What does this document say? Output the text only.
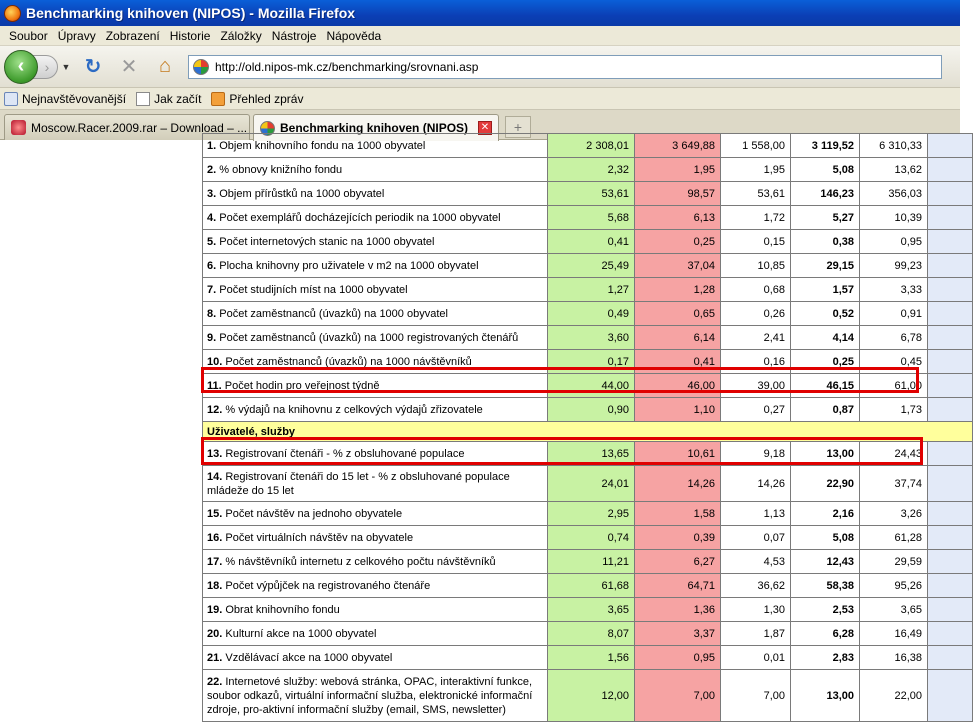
Benchmarking knihoven (NIPOS) - Mozilla Firefox
Soubor Úpravy Zobrazení Historie Záložky Nástroje Nápověda
‹ › ▼ ↻ ✕ ⌂	http://old.nipos-mk.cz/benchmarking/srovnani.asp
Nejnavštěvovanější Jak začít Přehled zpráv
Moscow.Racer.2009.rar – Download – ...	Benchmarking knihoven (NIPOS)	✕	+
1. Objem knihovního fondu na 1000 obyvatel	2 308,01	3 649,88	1 558,00	3 119,52	6 310,33	
2. % obnovy knižního fondu	2,32	1,95	1,95	5,08	13,62	
3. Objem přírůstků na 1000 obyvatel	53,61	98,57	53,61	146,23	356,03	
4. Počet exemplářů docházejících periodik na 1000 obyvatel	5,68	6,13	1,72	5,27	10,39	
5. Počet internetových stanic na 1000 obyvatel	0,41	0,25	0,15	0,38	0,95	
6. Plocha knihovny pro uživatele v m2 na 1000 obyvatel	25,49	37,04	10,85	29,15	99,23	
7. Počet studijních míst na 1000 obyvatel	1,27	1,28	0,68	1,57	3,33	
8. Počet zaměstnanců (úvazků) na 1000 obyvatel	0,49	0,65	0,26	0,52	0,91	
9. Počet zaměstnanců (úvazků) na 1000 registrovaných čtenářů	3,60	6,14	2,41	4,14	6,78	
10. Počet zaměstnanců (úvazků) na 1000 návštěvníků	0,17	0,41	0,16	0,25	0,45	
11. Počet hodin pro veřejnost týdně	44,00	46,00	39,00	46,15	61,00	
12. % výdajů na knihovnu z celkových výdajů zřizovatele	0,90	1,10	0,27	0,87	1,73	
Uživatelé, služby						
13. Registrovaní čtenáři - % z obsluhované populace	13,65	10,61	9,18	13,00	24,43	
14. Registrovaní čtenáři do 15 let - % z obsluhované populace mládeže do 15 let	24,01	14,26	14,26	22,90	37,74	
15. Počet návštěv na jednoho obyvatele	2,95	1,58	1,13	2,16	3,26	
16. Počet virtuálních návštěv na obyvatele	0,74	0,39	0,07	5,08	61,28	
17. % návštěvníků internetu z celkového počtu návštěvníků	11,21	6,27	4,53	12,43	29,59	
18. Počet výpůjček na registrovaného čtenáře	61,68	64,71	36,62	58,38	95,26	
19. Obrat knihovního fondu	3,65	1,36	1,30	2,53	3,65	
20. Kulturní akce na 1000 obyvatel	8,07	3,37	1,87	6,28	16,49	
21. Vzdělávací akce na 1000 obyvatel	1,56	0,95	0,01	2,83	16,38	
22. Internetové služby: webová stránka, OPAC, interaktivní funkce, soubor odkazů, virtuální informační služba, elektronické informační zdroje, pro-aktivní informační služby (email, SMS, newsletter)	12,00	7,00	7,00	13,00	22,00	
